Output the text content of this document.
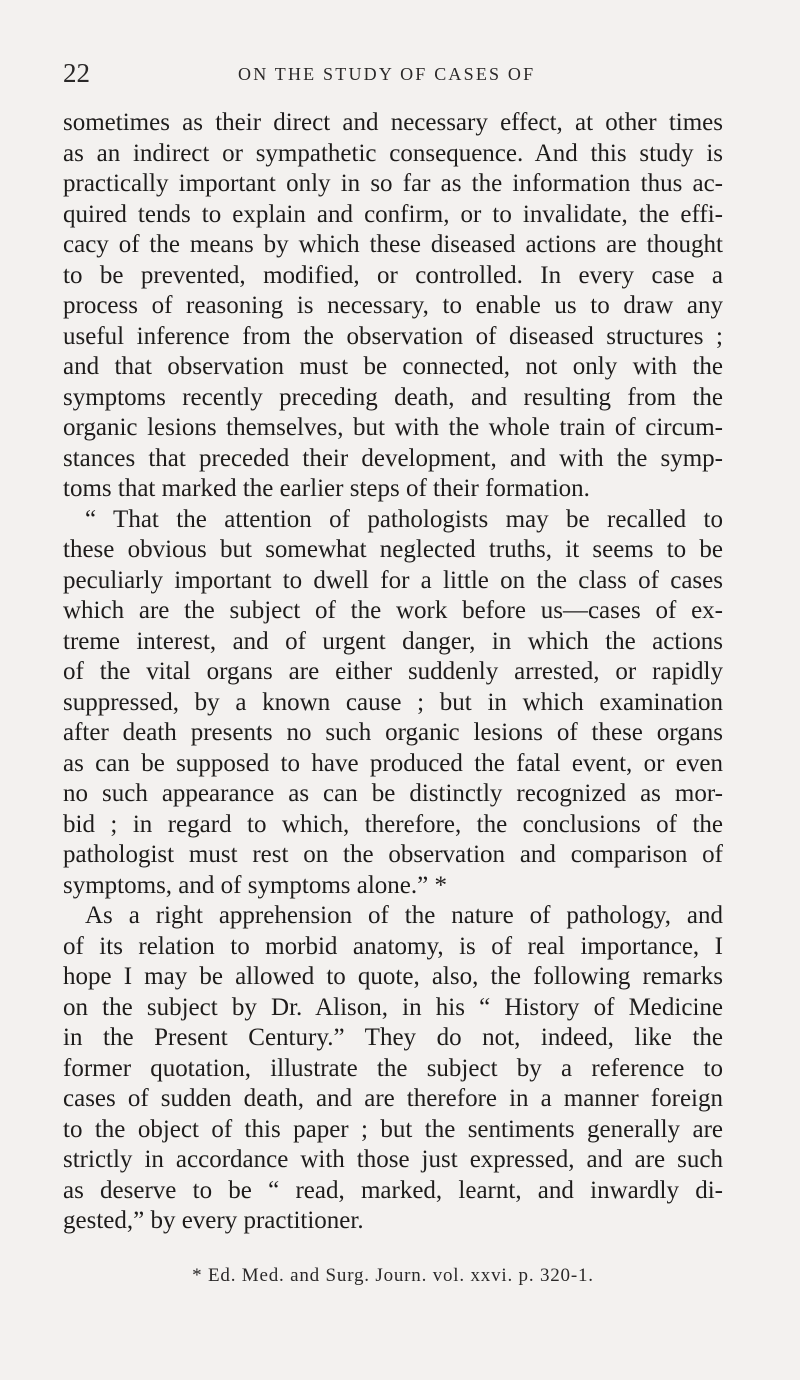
22	ON THE STUDY OF CASES OF
sometimes as their direct and necessary effect, at other times
as an indirect or sympathetic consequence. And this study is
practically important only in so far as the information thus ac-
quired tends to explain and confirm, or to invalidate, the effi-
cacy of the means by which these diseased actions are thought
to be prevented, modified, or controlled. In every case a
process of reasoning is necessary, to enable us to draw any
useful inference from the observation of diseased structures ;
and that observation must be connected, not only with the
symptoms recently preceding death, and resulting from the
organic lesions themselves, but with the whole train of circum-
stances that preceded their development, and with the symp-
toms that marked the earlier steps of their formation.
“ That the attention of pathologists may be recalled to
these obvious but somewhat neglected truths, it seems to be
peculiarly important to dwell for a little on the class of cases
which are the subject of the work before us—cases of ex-
treme interest, and of urgent danger, in which the actions
of the vital organs are either suddenly arrested, or rapidly
suppressed, by a known cause ; but in which examination
after death presents no such organic lesions of these organs
as can be supposed to have produced the fatal event, or even
no such appearance as can be distinctly recognized as mor-
bid ; in regard to which, therefore, the conclusions of the
pathologist must rest on the observation and comparison of
symptoms, and of symptoms alone.” *
As a right apprehension of the nature of pathology, and
of its relation to morbid anatomy, is of real importance, I
hope I may be allowed to quote, also, the following remarks
on the subject by Dr. Alison, in his “ History of Medicine
in the Present Century.” They do not, indeed, like the
former quotation, illustrate the subject by a reference to
cases of sudden death, and are therefore in a manner foreign
to the object of this paper ; but the sentiments generally are
strictly in accordance with those just expressed, and are such
as deserve to be “ read, marked, learnt, and inwardly di-
gested,” by every practitioner.
* Ed. Med. and Surg. Journ. vol. xxvi. p. 320-1.
